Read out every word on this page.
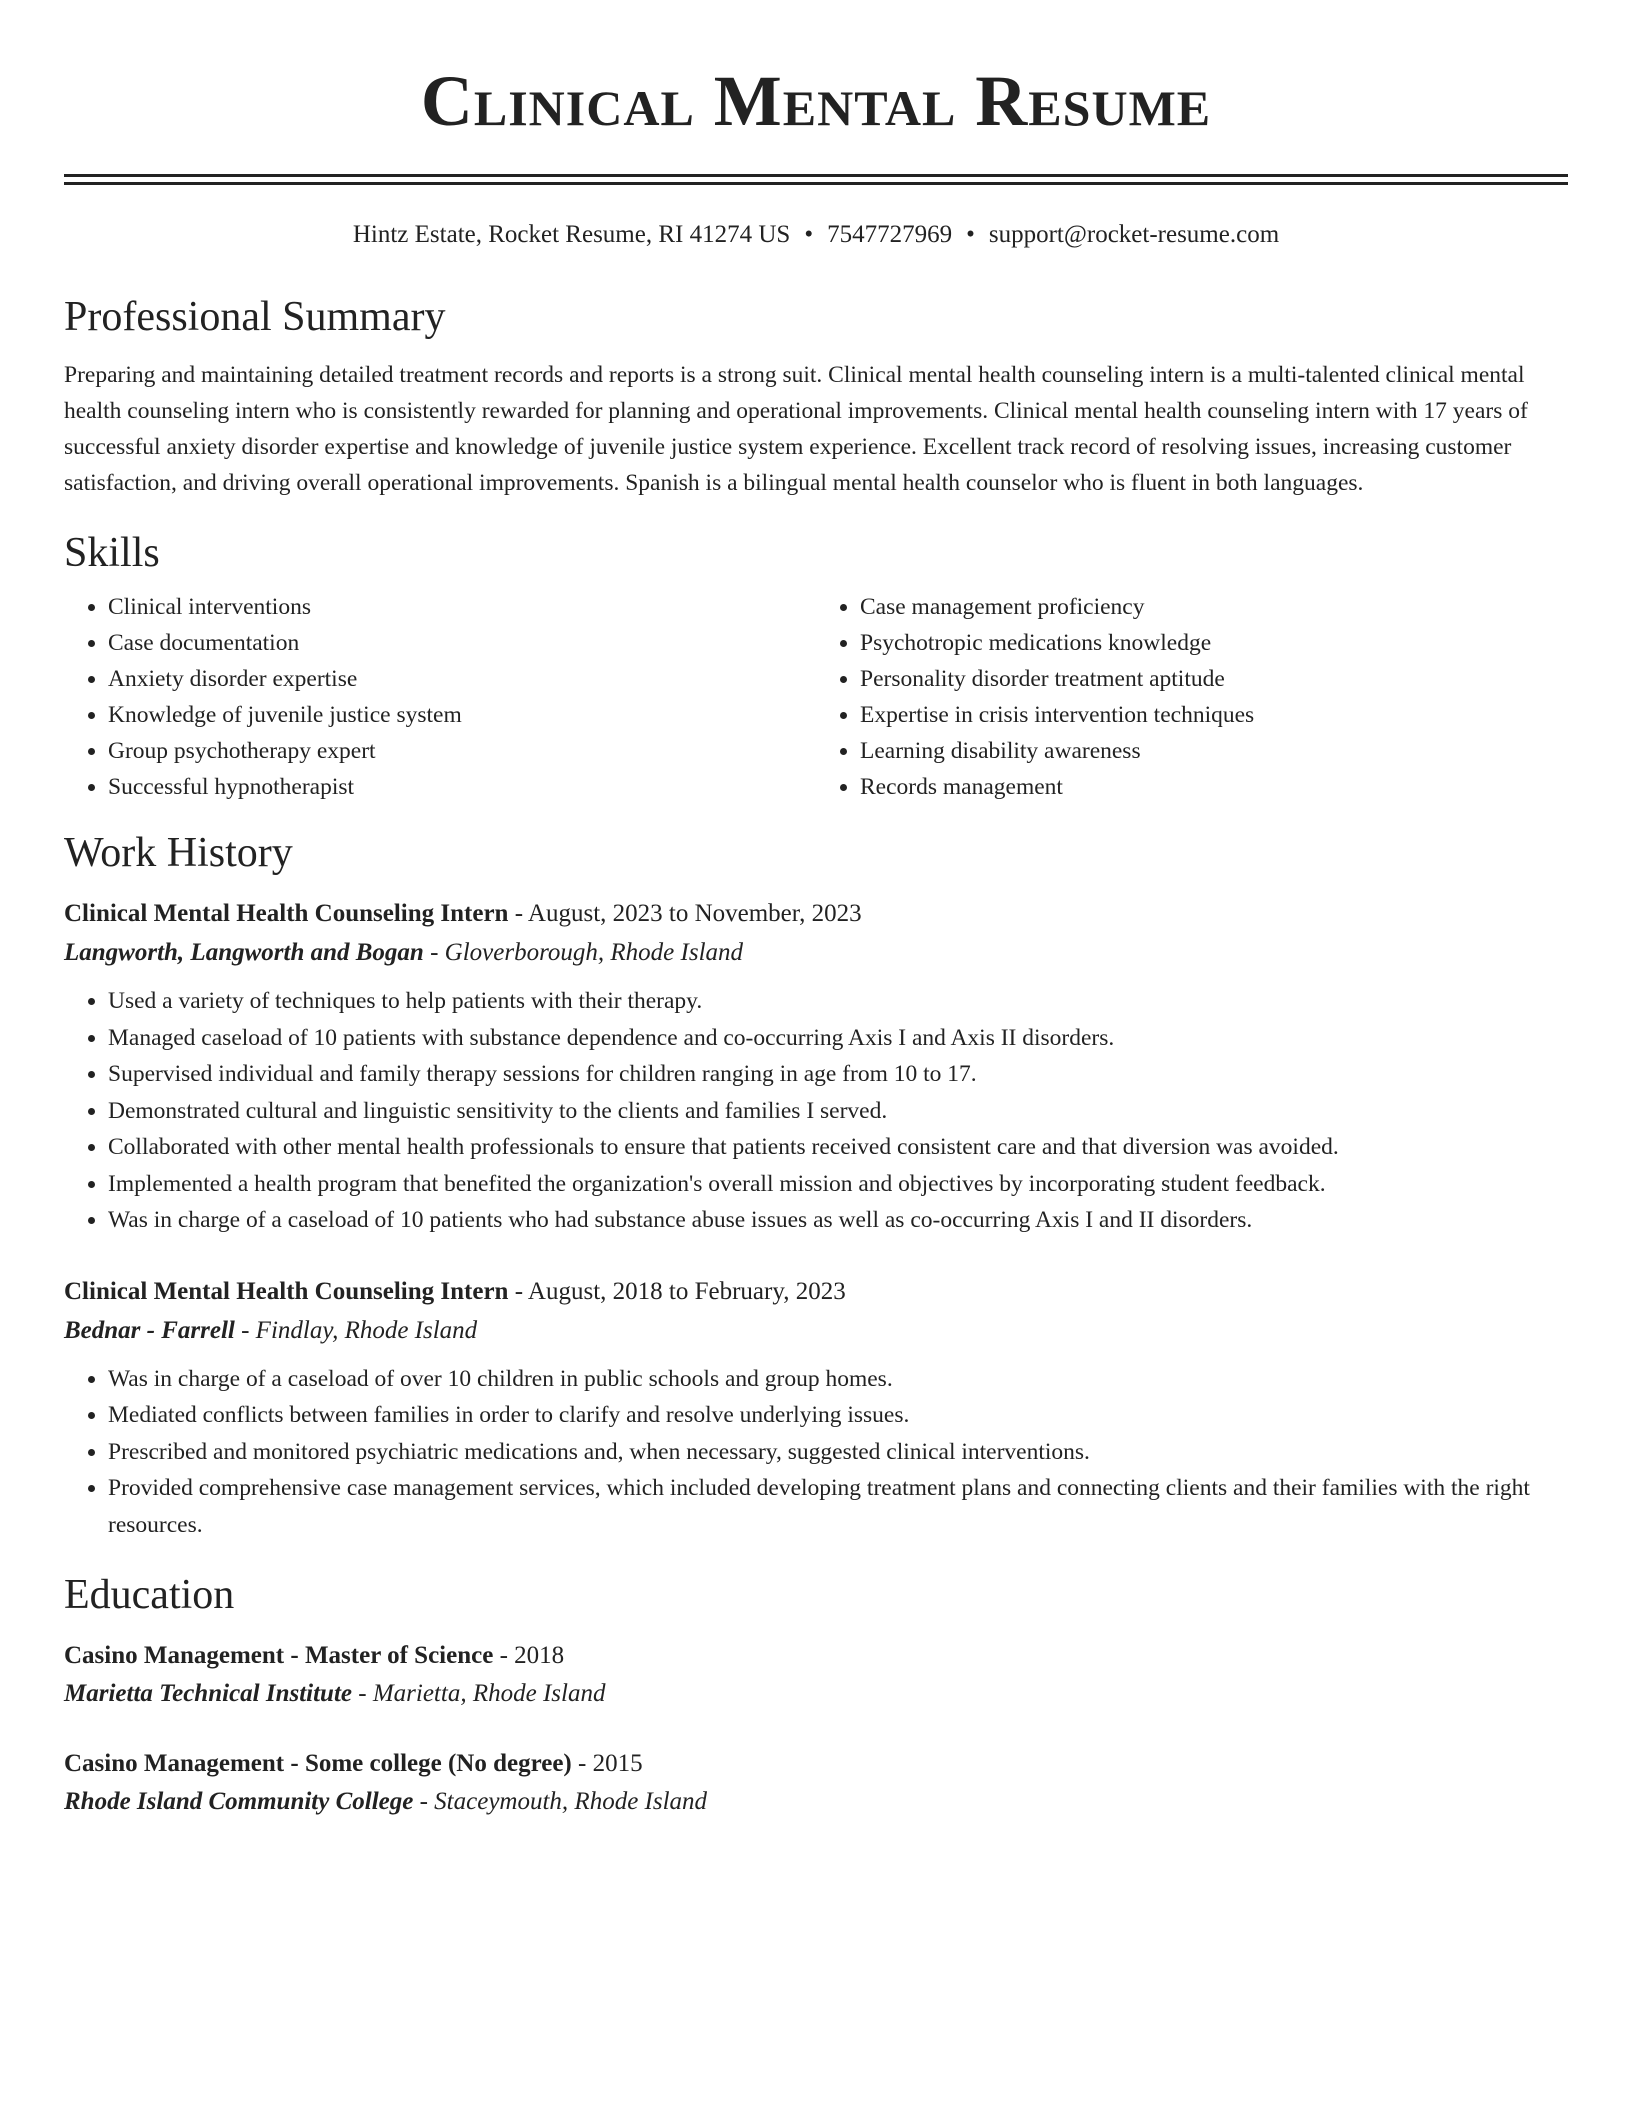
Clinical Mental Resume
Hintz Estate, Rocket Resume, RI 41274 US • 7547727969 • support@rocket-resume.com
Professional Summary

Preparing and maintaining detailed treatment records and reports is a strong suit. Clinical mental health counseling intern is a multi-talented clinical mental health counseling intern who is consistently rewarded for planning and operational improvements. Clinical mental health counseling intern with 17 years of successful anxiety disorder expertise and knowledge of juvenile justice system experience. Excellent track record of resolving issues, increasing customer satisfaction, and driving overall operational improvements. Spanish is a bilingual mental health counselor who is fluent in both languages.

Skills
• Clinical interventions
• Case documentation
• Anxiety disorder expertise
• Knowledge of juvenile justice system
• Group psychotherapy expert
• Successful hypnotherapist
• Case management proficiency
• Psychotropic medications knowledge
• Personality disorder treatment aptitude
• Expertise in crisis intervention techniques
• Learning disability awareness
• Records management
Work History
Clinical Mental Health Counseling Intern - August, 2023 to November, 2023
Langworth, Langworth and Bogan - Gloverborough, Rhode Island
• Used a variety of techniques to help patients with their therapy.
• Managed caseload of 10 patients with substance dependence and co-occurring Axis I and Axis II disorders.
• Supervised individual and family therapy sessions for children ranging in age from 10 to 17.
• Demonstrated cultural and linguistic sensitivity to the clients and families I served.
• Collaborated with other mental health professionals to ensure that patients received consistent care and that diversion was avoided.
• Implemented a health program that benefited the organization's overall mission and objectives by incorporating student feedback.
• Was in charge of a caseload of 10 patients who had substance abuse issues as well as co-occurring Axis I and II disorders.
Clinical Mental Health Counseling Intern - August, 2018 to February, 2023
Bednar - Farrell - Findlay, Rhode Island
• Was in charge of a caseload of over 10 children in public schools and group homes.
• Mediated conflicts between families in order to clarify and resolve underlying issues.
• Prescribed and monitored psychiatric medications and, when necessary, suggested clinical interventions.
• Provided comprehensive case management services, which included developing treatment plans and connecting clients and their families with the right resources.
Education
Casino Management - Master of Science - 2018
Marietta Technical Institute - Marietta, Rhode Island
Casino Management - Some college (No degree) - 2015
Rhode Island Community College - Staceymouth, Rhode Island
